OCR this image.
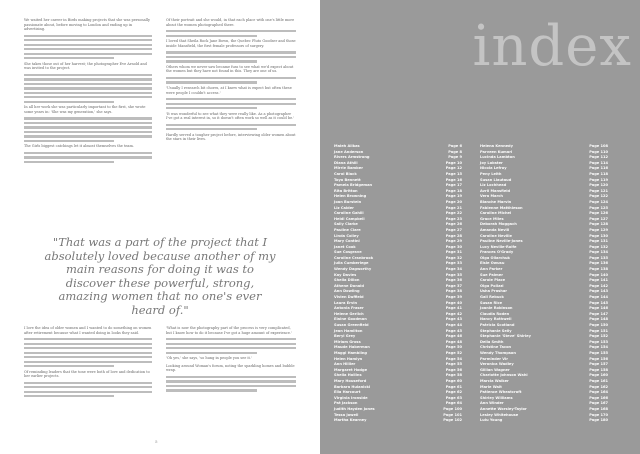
We waited her career in Birds making projects that she was personally passionate about, before moving to London and ending up in advertising.

She takes those out of her harvest; the photographer Eve Arnold and was invited to the project.

In all her work she was particularly important to the first, she wrote some years in: 'She was my generation,' she says.

The Girls biggest catchings let it almost themselves the team.

Of their portrait and she would, in that each place with one's little more about the women photographed there.

I loved that Sheila Rock Jane Bown, the Quebec Pluto Goodser and those inside Mansfield, the first female professors of surgery.

Others whom we never saw became fuss to see what we'd expect about the women but they have not found in this. They are one of us.

'Usually I research bit chores, at I knew what is expect but often these were people I couldn't access.'

'It was wonderful to see what they were really like. As a photographer I've got a real interest in, so it doesn't often work so well as it could be.'

Hardly served a tougher project before, interviewing older women about the stars in their lives.

"That was a part of the project that I absolutely loved because another of my main reasons for doing it was to discover these powerful, strong, amazing women that no one's ever heard of."

I love the idea of older women and I wanted to do something on women after retirement because what I wanted doing in looks they said.

Of reminding leaders that the tone were both of love and dedication to her earlier projects.

'What is now the photography part of the process is very complicated, but I know how to do it because I've got a huge amount of experience.'

'Oh yes,' she says, 'so hung in people you see it.'

Looking around Woman's forum, noting the sparkling homes and bubble wrap.

5
index
Maleh Alikas	Page 6
Jane Anderson	Page 8
Rivers Armstrong	Page 9
Diana Athill	Page 10
Mirrie Bamber	Page 12
Carol Black	Page 15
Toyo Bennett	Page 16
Pamela Bridgeman	Page 17
Rita Britton	Page 18
Helen Browning	Page 19
Joan Burstein	Page 20
Liz Calder	Page 21
Caroline Gahill	Page 22
Heidi Campbell	Page 23
Sally Clarke	Page 26
Pauline Clare	Page 27
Linda Colley	Page 28
Mary Contini	Page 29
Janet Cook	Page 30
Sue Cosgrave	Page 31
Caroline Cranbrook	Page 32
Julia Cumberlege	Page 33
Wendy Dagworthy	Page 34
Kay Davies	Page 35
Sheila Dillon	Page 36
Athene Donald	Page 37
Ann Dowling	Page 38
Vivien Duffield	Page 39
Laura Ervin	Page 40
Antonia Fraser	Page 41
Helene Gerlich	Page 42
Elaine Goodman	Page 43
Susan Greenfield	Page 44
Jean Hamilton	Page 45
Beryl Grey	Page 46
Miriam Gross	Page 48
Maude Haberman	Page 50
Maggi Hambling	Page 52
Helen Hamlyn	Page 54
Ann Hillier	Page 55
Margaret Hodge	Page 56
Sheila Hollins	Page 58
Mary Houseford	Page 60
Barbara Hulanicki	Page 61
Ella Harcourt	Page 62
Virginia Ironside	Page 63
Pat Jackson	Page 64
Judith Hayden Jones	Page 100
Tessa Jowell	Page 101
Martha Kearney	Page 102
Helena Kennedy	Page 108
Parveen Kumari	Page 110
Lucinda Lambton	Page 112
Joy Lobster	Page 114
Nicola Lefroy	Page 116
Peny Leith	Page 118
Susan Liautaud	Page 119
Liz Lochhead	Page 120
Avril Mansfield	Page 121
Vera March	Page 122
Blanche Marvin	Page 124
Fabienne Matthieson	Page 125
Caroline Michel	Page 126
Grace Miles	Page 127
Deborah Moggach	Page 128
Amanda Nevill	Page 129
Caroline Neville	Page 130
Pauline Neville-Jones	Page 131
Lucy Neville-Rolfe	Page 132
Frances O'Grady	Page 134
Olga Oliarchuk	Page 135
Elsie Owusu	Page 136
Ann Parker	Page 138
Sue Palmer	Page 140
Carole Place	Page 141
Olga Polizzi	Page 142
Usha Prashar	Page 143
Gail Rebuck	Page 144
Susan Rice	Page 145
Joanie Robinson	Page 146
Claudia Roden	Page 147
Nancy Rothwell	Page 148
Patricia Scotland	Page 150
Stephanie Selly	Page 151
Stephanie 'Steve' Shirley	Page 152
Delia Smith	Page 153
Christine Tacon	Page 154
Wendy Thompson	Page 155
Parminder Vir	Page 156
Veronica Wadley	Page 157
Gillian Wagner	Page 158
Charlotte Johnson Wahl	Page 160
Marcia Walker	Page 161
Marie Walt	Page 162
Patience Wheatcroft	Page 164
Shirley Williams	Page 166
Ann Winder	Page 167
Annette Worsley-Taylor	Page 168
Lesley Whitehouse	Page 170
Lulu Young	Page 180
